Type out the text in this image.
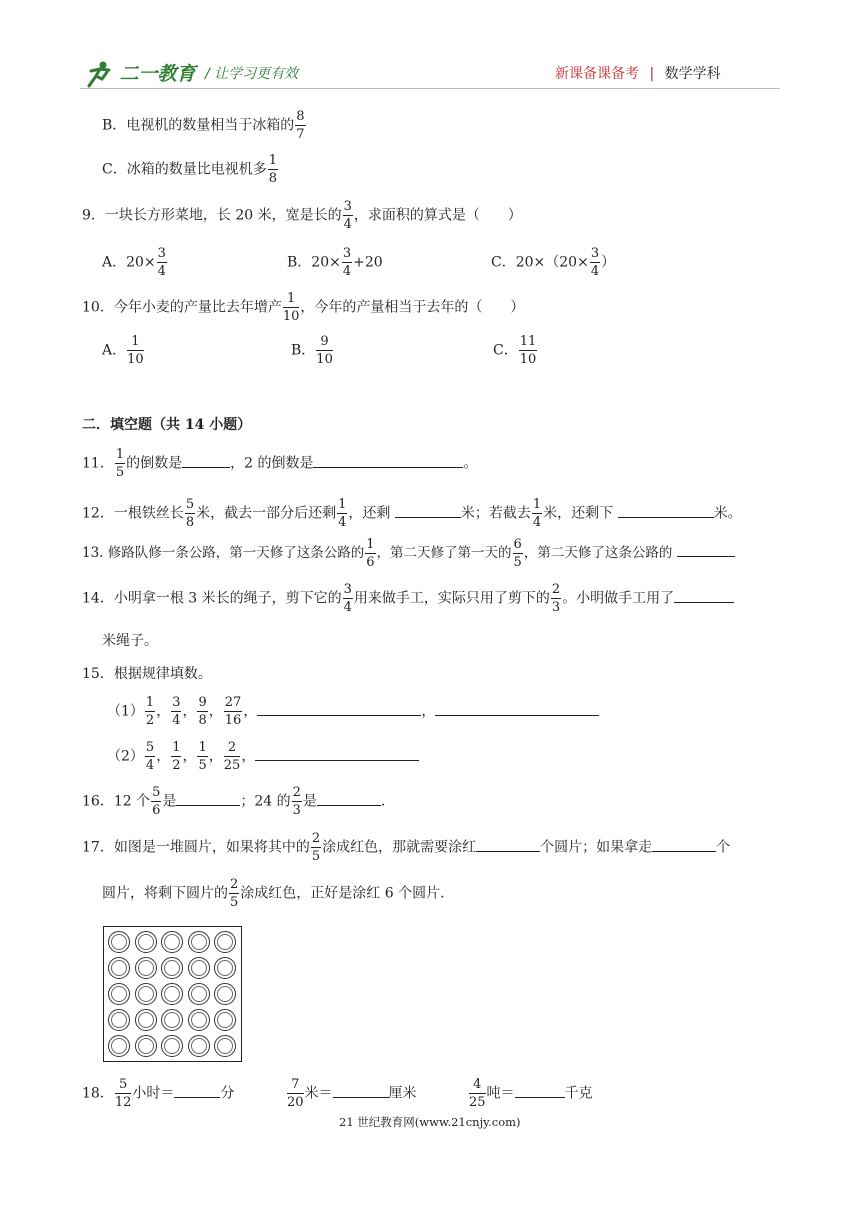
二一教育 / 让学习更有效	新课备课备考 | 数学学科
B．电视机的数量相当于冰箱的 $\frac{8}{7}$
C．冰箱的数量比电视机多 $\frac{1}{8}$
9．一块长方形菜地，长 20 米，宽是长的 $\frac{3}{4}$ ，求面积的算式是（　　）
A．$20\times \frac{3}{4}$	B．$20\times \frac{3}{4} +20$	C．$20\times(20\times \frac{3}{4}$ ）
10．今年小麦的产量比去年增产 $\frac{1}{10}$ ，今年的产量相当于去年的（　　）
A． $\frac{1}{10}$	B． $\frac{9}{10}$	C． $\frac{11}{10}$
二．填空题（共 14 小题）
11． $\frac{1}{5}$ 的倒数是	，2 的倒数是	。
12．一根铁丝长 $\frac{5}{8}$ 米，截去一部分后还剩 $\frac{1}{4}$ ，还剩	米；若截去 $\frac{1}{4}$ 米，还剩下	米。
13. 修路队修一条公路，第一天修了这条公路的 $\frac{1}{6}$ ，第二天修了第一天的 $\frac{6}{5}$ ，第二天修了这条公路的
14．小明拿一根 3 米长的绳子，剪下它的 $\frac{3}{4}$ 用来做手工，实际只用了剪下的 $\frac{2}{3}$ 。小明做手工用了
米绳子。
15．根据规律填数。
$(1) \frac{1}{2}$ ， $\frac{3}{4}$ ， $\frac{9}{8}$ ， $\frac{27}{16}$ ，	，
$(2) \frac{5}{4}$ ， $\frac{1}{2}$ ， $\frac{1}{5}$ ， $\frac{2}{25}$ ，
16．12 个 $\frac{5}{6}$ 是	；24 的 $\frac{2}{3}$ 是	.
17．如图是一堆圆片，如果将其中的 $\frac{2}{5}$ 涂成红色，那就需要涂红	个圆片；如果拿走	个
圆片，将剩下圆片的 $\frac{2}{5}$ 涂成红色，正好是涂红 6 个圆片.
18． $\frac{5}{12}$ 小时＝	分	$\frac{7}{20}$ 米＝	厘米	$\frac{4}{25}$ 吨＝	千克
21 世纪教育网(www.21cnjy.com)
